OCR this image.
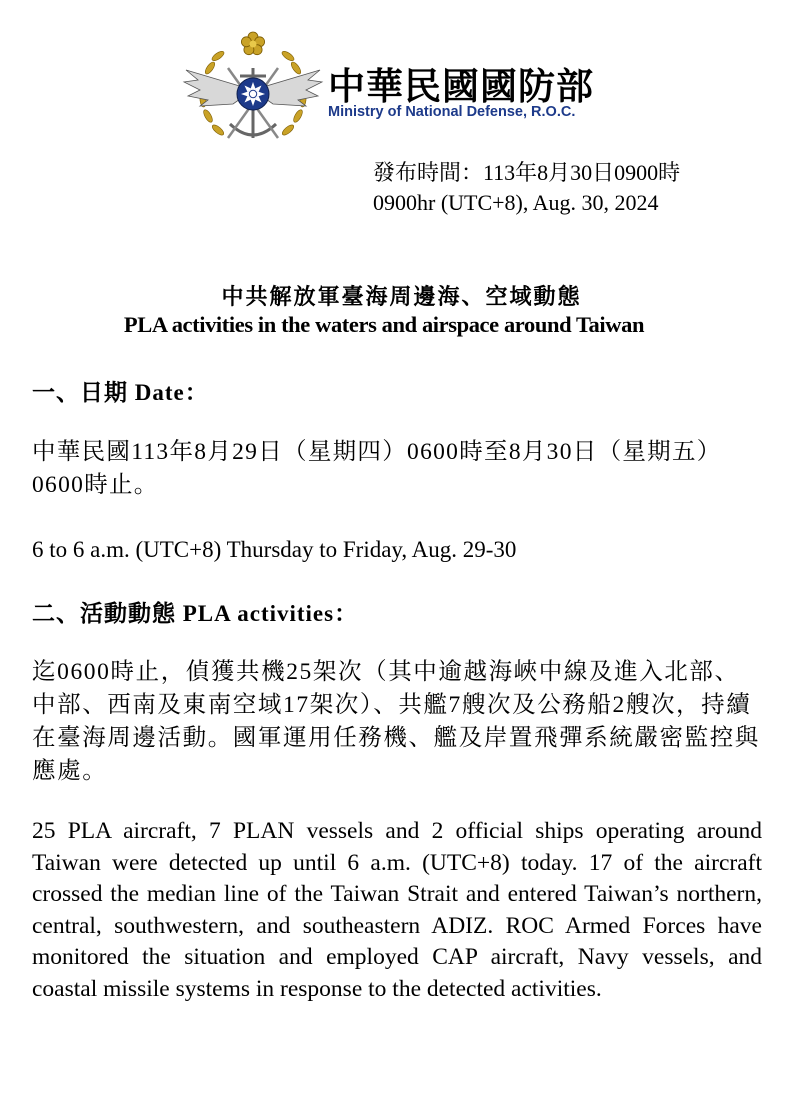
中華民國國防部
Ministry of National Defense, R.O.C.
發布時間：113年8月30日0900時
0900hr (UTC+8), Aug. 30, 2024
中共解放軍臺海周邊海、空域動態
PLA activities in the waters and airspace around Taiwan
一、日期 Date：
中華民國113年8月29日（星期四）0600時至8月30日（星期五）0600時止。
6 to 6 a.m. (UTC+8) Thursday to Friday, Aug. 29-30
二、活動動態 PLA activities：
迄0600時止，偵獲共機25架次（其中逾越海峽中線及進入北部、中部、西南及東南空域17架次）、共艦7艘次及公務船2艘次，持續在臺海周邊活動。國軍運用任務機、艦及岸置飛彈系統嚴密監控與應處。
25 PLA aircraft, 7 PLAN vessels and 2 official ships operating around Taiwan were detected up until 6 a.m. (UTC+8) today. 17 of the aircraft crossed the median line of the Taiwan Strait and entered Taiwan’s northern, central, southwestern, and southeastern ADIZ. ROC Armed Forces have monitored the situation and employed CAP aircraft, Navy vessels, and coastal missile systems in response to the detected activities.
